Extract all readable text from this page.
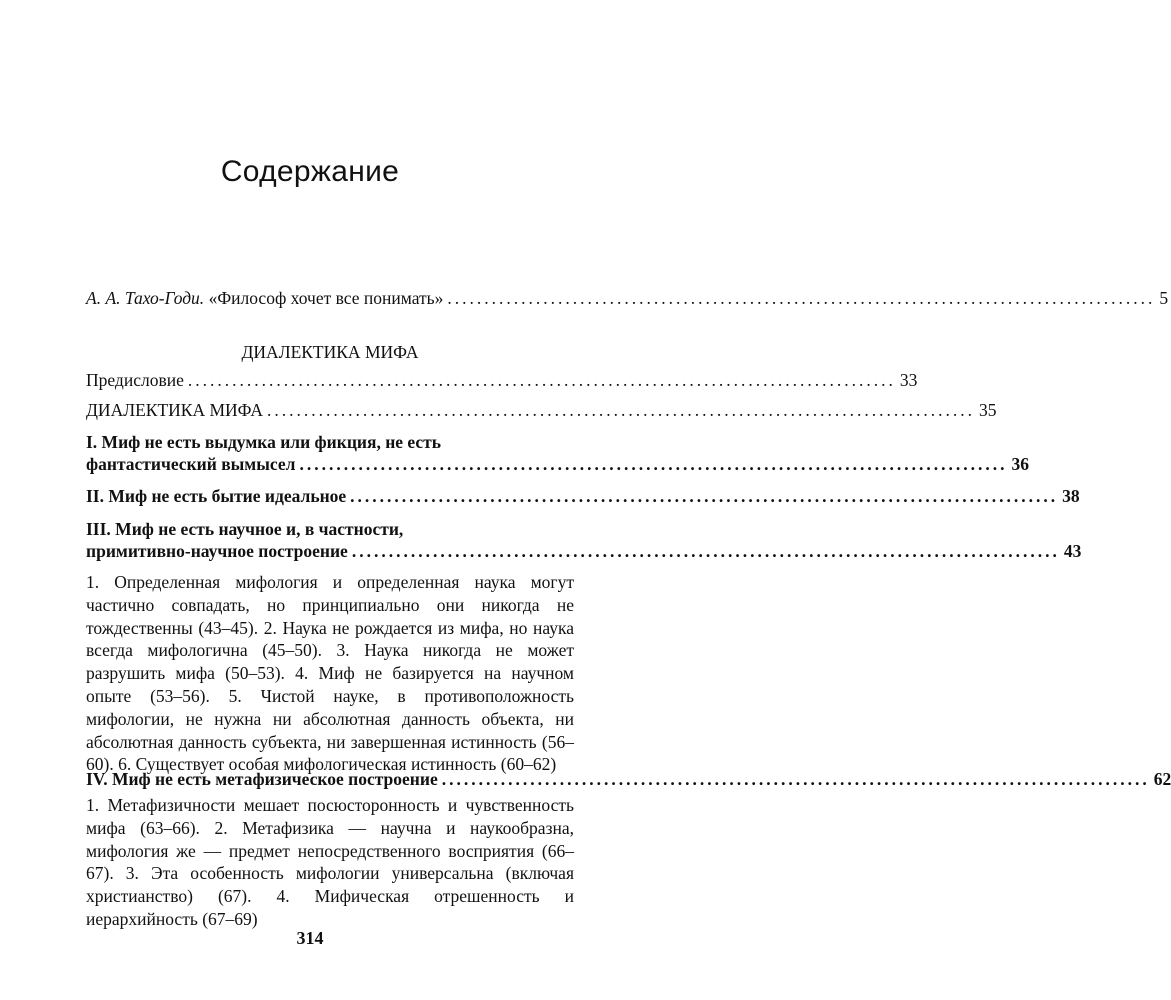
Содержание
А. А. Тахо-Годи. «Философ хочет все понимать» ................................................................................................ 5
ДИАЛЕКТИКА МИФА
Предисловие ................................................................................................ 33
ДИАЛЕКТИКА МИФА ................................................................................................ 35
I. Миф не есть выдумка или фикция, не есть
фантастический вымысел ................................................................................................ 36
II. Миф не есть бытие идеальное ................................................................................................ 38
III. Миф не есть научное и, в частности,
примитивно-научное построение ................................................................................................ 43
1. Определенная мифология и определенная наука могут частично совпадать, но принципиально они никогда не тождественны (43–45). 2. Наука не рождается из мифа, но наука всегда мифологична (45–50). 3. Наука никогда не может разрушить мифа (50–53). 4. Миф не базируется на научном опыте (53–56). 5. Чистой науке, в противоположность мифологии, не нужна ни абсолютная данность объекта, ни абсолютная данность субъекта, ни завершенная истинность (56–60). 6. Существует особая мифологическая истинность (60–62)
IV. Миф не есть метафизическое построение ................................................................................................ 62
1. Метафизичности мешает посюсторонность и чувственность мифа (63–66). 2. Метафизика — научна и наукообразна, мифология же — предмет непосредственного восприятия (66–67). 3. Эта особенность мифологии универсальна (включая христианство) (67). 4. Мифическая отрешенность и иерархийность (67–69)
314
